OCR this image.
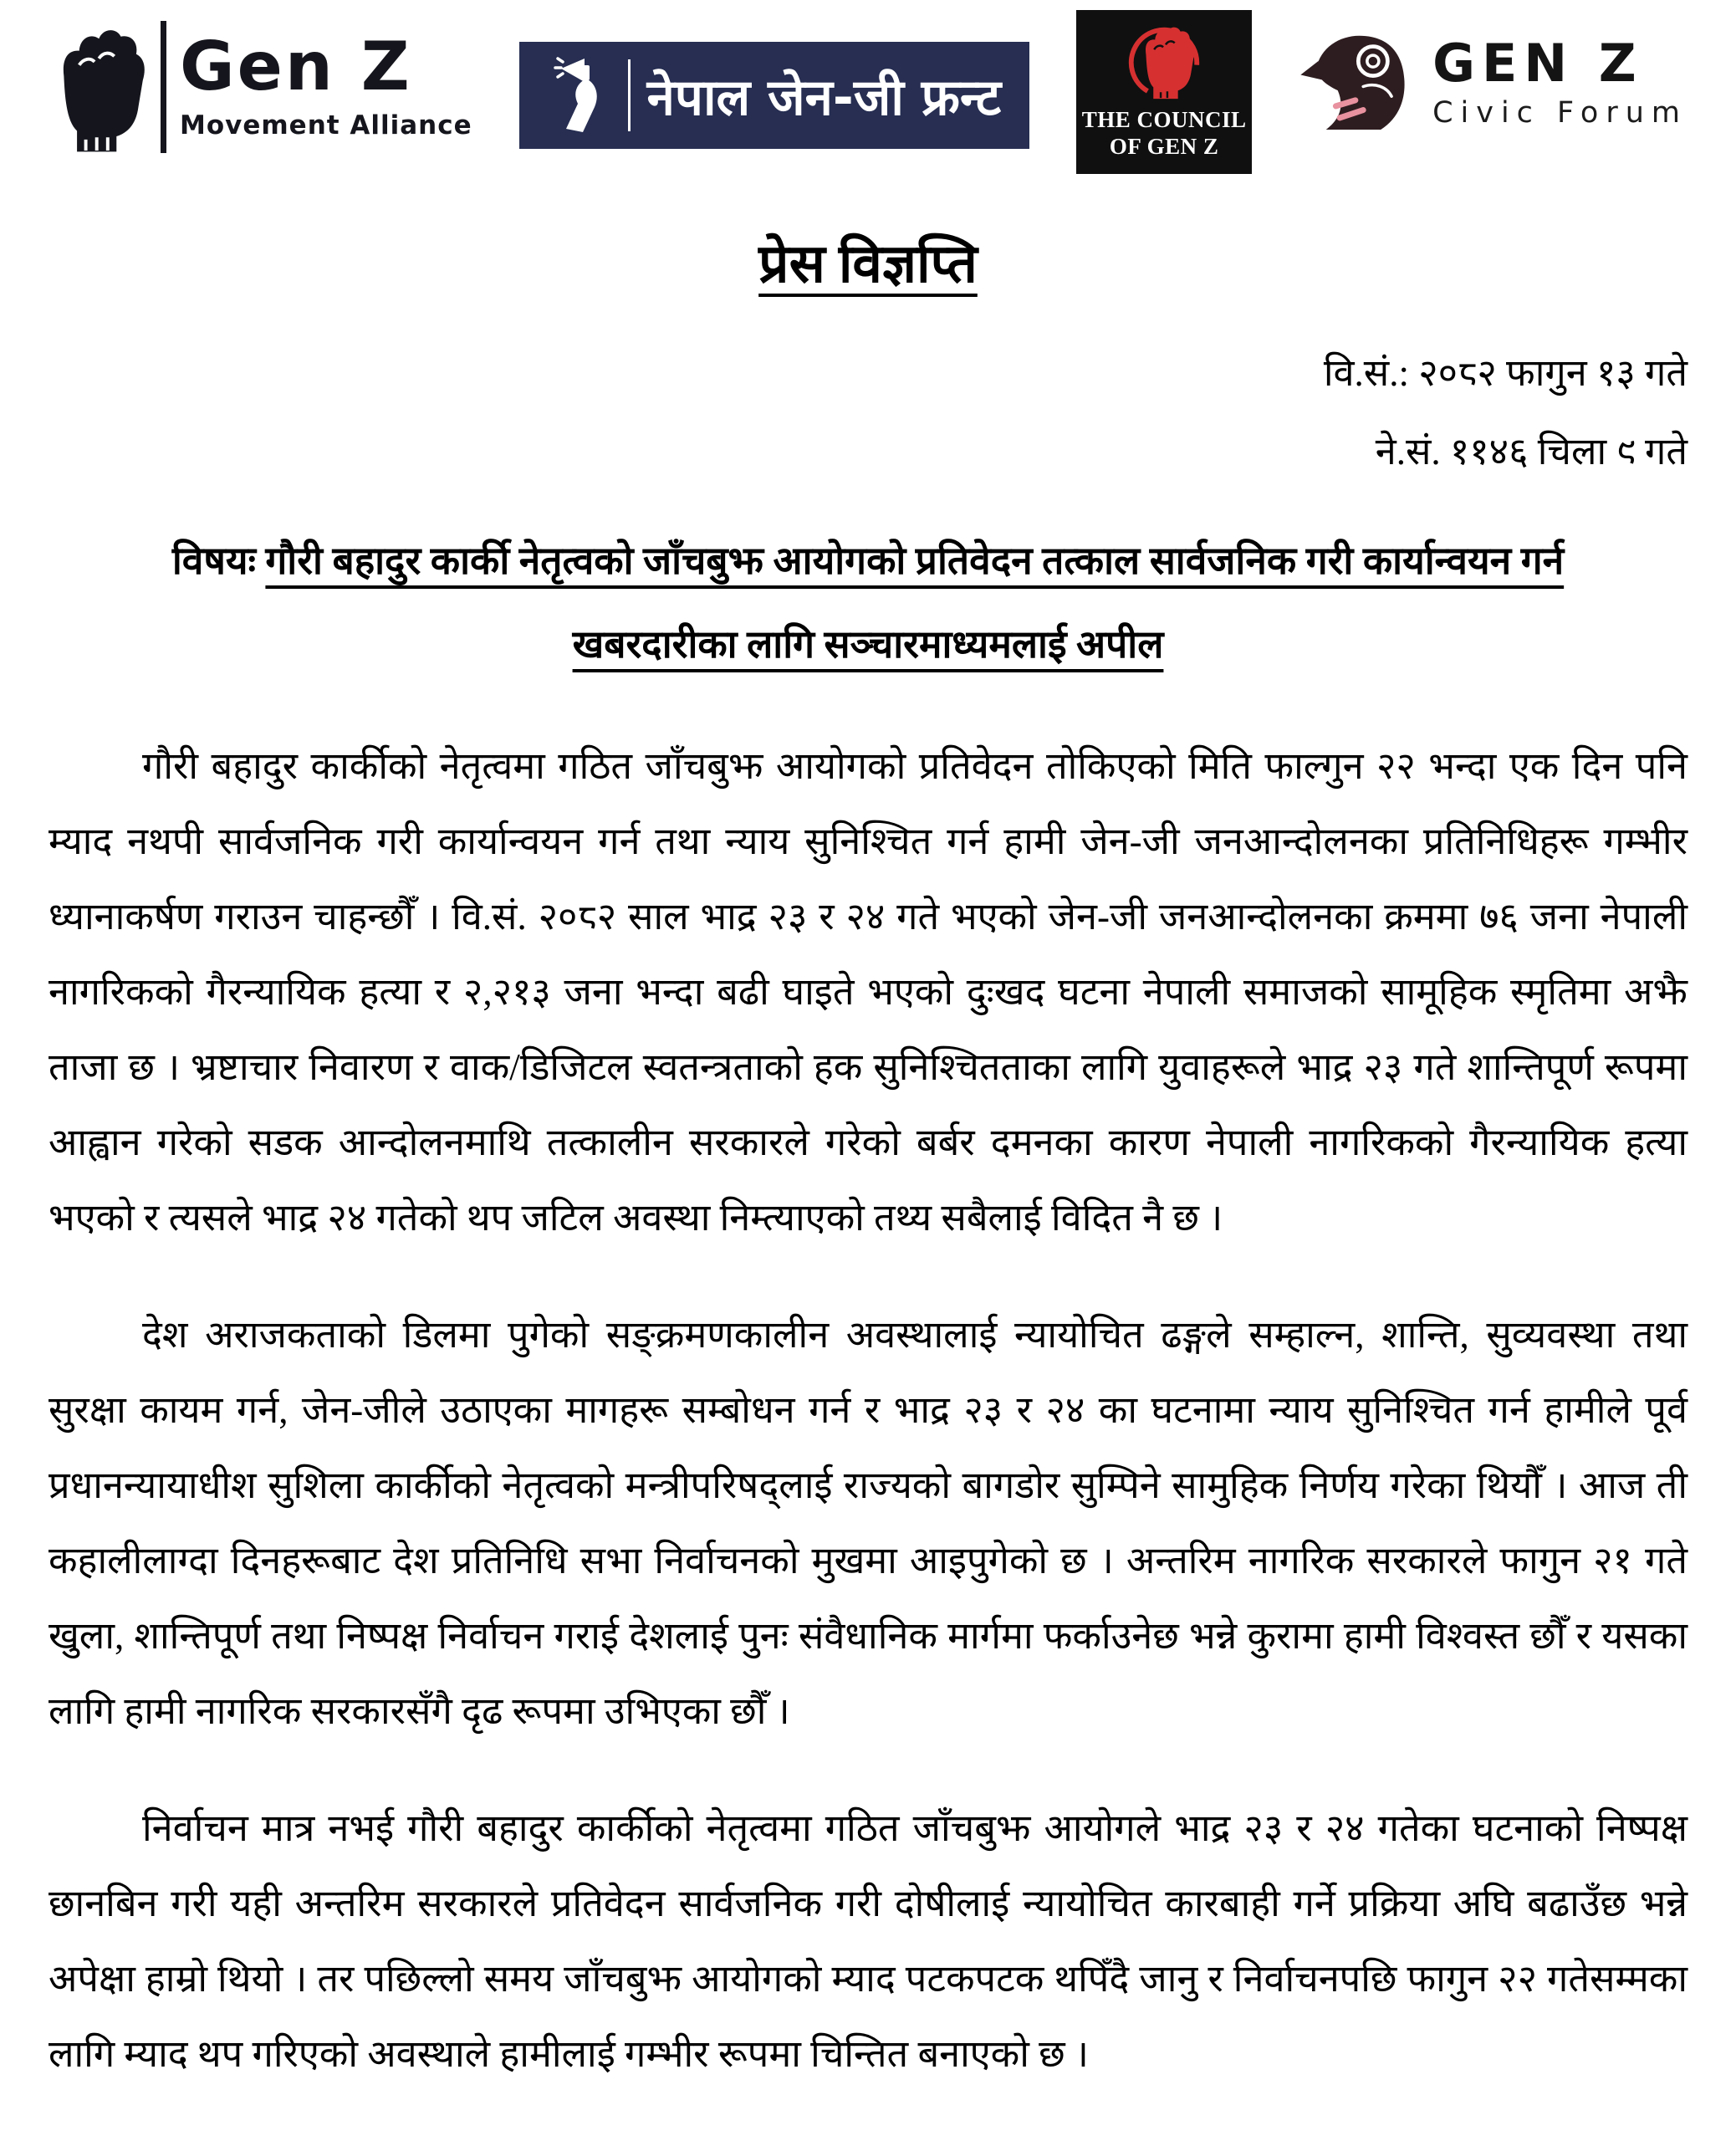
Gen Z
Movement Alliance	नेपाल जेन-जी फ्रन्ट	THE COUNCIL
OF GEN Z
GEN Z
Civic Forum
प्रेस विज्ञप्ति
वि.सं.: २०८२ फागुन १३ गते
ने.सं. ११४६ चिला ९ गते
विषयः गौरी बहादुर कार्की नेतृत्वको जाँचबुझ आयोगको प्रतिवेदन तत्काल सार्वजनिक गरी कार्यान्वयन गर्न
खबरदारीका लागि सञ्चारमाध्यमलाई अपील

गौरी बहादुर कार्कीको नेतृत्वमा गठित जाँचबुझ आयोगको प्रतिवेदन तोकिएको मिति फाल्गुन २२ भन्दा एक दिन पनि म्याद नथपी सार्वजनिक गरी कार्यान्वयन गर्न तथा न्याय सुनिश्चित गर्न हामी जेन-जी जनआन्दोलनका प्रतिनिधिहरू गम्भीर ध्यानाकर्षण गराउन चाहन्छौँ । वि.सं. २०८२ साल भाद्र २३ र २४ गते भएको जेन-जी जनआन्दोलनका क्रममा ७६ जना नेपाली नागरिकको गैरन्यायिक हत्या र २,२१३ जना भन्दा बढी घाइते भएको दुःखद घटना नेपाली समाजको सामूहिक स्मृतिमा अझै ताजा छ । भ्रष्टाचार निवारण र वाक/डिजिटल स्वतन्त्रताको हक सुनिश्चितताका लागि युवाहरूले भाद्र २३ गते शान्तिपूर्ण रूपमा आह्वान गरेको सडक आन्दोलनमाथि तत्कालीन सरकारले गरेको बर्बर दमनका कारण नेपाली नागरिकको गैरन्यायिक हत्या भएको र त्यसले भाद्र २४ गतेको थप जटिल अवस्था निम्त्याएको तथ्य सबैलाई विदित नै छ ।

देश अराजकताको डिलमा पुगेको सङ्क्रमणकालीन अवस्थालाई न्यायोचित ढङ्गले सम्हाल्न, शान्ति, सुव्यवस्था तथा सुरक्षा कायम गर्न, जेन-जीले उठाएका मागहरू सम्बोधन गर्न र भाद्र २३ र २४ का घटनामा न्याय सुनिश्चित गर्न हामीले पूर्व प्रधानन्यायाधीश सुशिला कार्कीको नेतृत्वको मन्त्रीपरिषद्लाई राज्यको बागडोर सुम्पिने सामुहिक निर्णय गरेका थियौँ । आज ती कहालीलाग्दा दिनहरूबाट देश प्रतिनिधि सभा निर्वाचनको मुखमा आइपुगेको छ । अन्तरिम नागरिक सरकारले फागुन २१ गते खुला, शान्तिपूर्ण तथा निष्पक्ष निर्वाचन गराई देशलाई पुनः संवैधानिक मार्गमा फर्काउनेछ भन्ने कुरामा हामी विश्वस्त छौँ र यसका लागि हामी नागरिक सरकारसँगै दृढ रूपमा उभिएका छौँ ।

निर्वाचन मात्र नभई गौरी बहादुर कार्कीको नेतृत्वमा गठित जाँचबुझ आयोगले भाद्र २३ र २४ गतेका घटनाको निष्पक्ष छानबिन गरी यही अन्तरिम सरकारले प्रतिवेदन सार्वजनिक गरी दोषीलाई न्यायोचित कारबाही गर्ने प्रक्रिया अघि बढाउँछ भन्ने अपेक्षा हाम्रो थियो । तर पछिल्लो समय जाँचबुझ आयोगको म्याद पटकपटक थपिँदै जानु र निर्वाचनपछि फागुन २२ गतेसम्मका लागि म्याद थप गरिएको अवस्थाले हामीलाई गम्भीर रूपमा चिन्तित बनाएको छ ।
